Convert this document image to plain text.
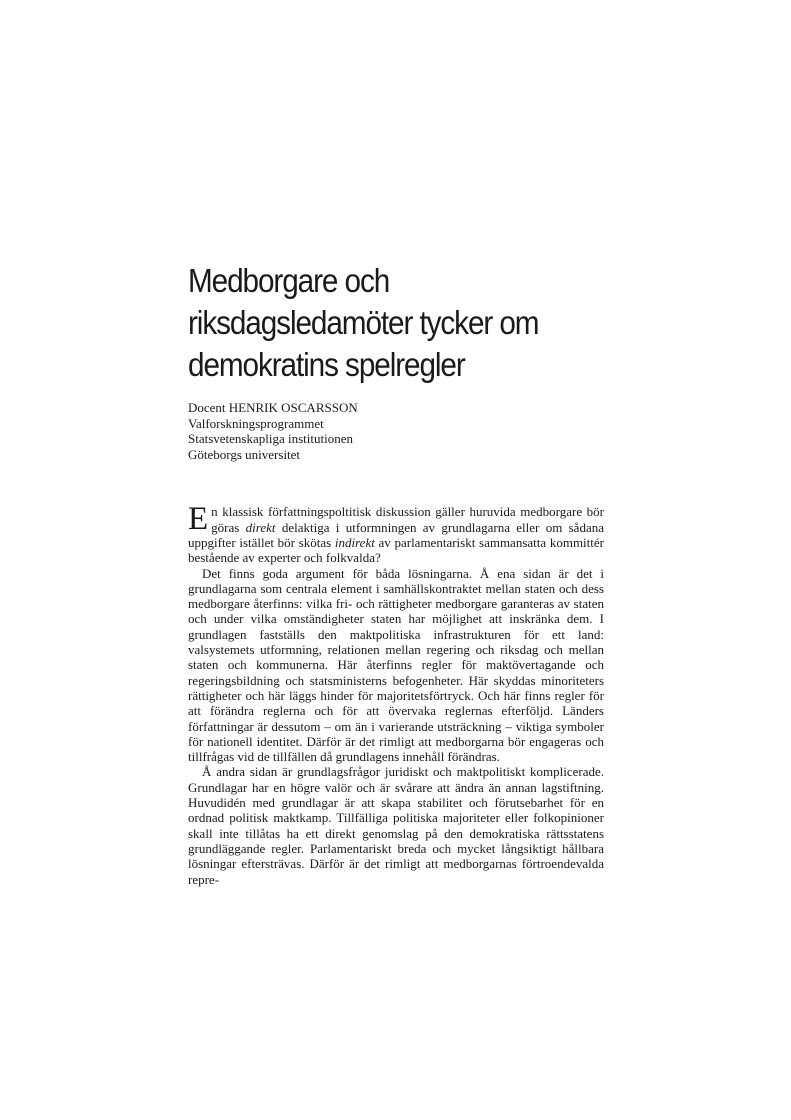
Medborgare och
riksdagsledamöter tycker om
demokratins spelregler
Docent HENRIK OSCARSSON
Valforskningsprogrammet
Statsvetenskapliga institutionen
Göteborgs universitet

En klassisk författningspoltitisk diskussion gäller huruvida medborgare bör göras direkt delaktiga i utformningen av grundlagarna eller om sådana uppgifter istället bör skötas indirekt av parlamentariskt sammansatta kommittér bestående av experter och folkvalda?

Det finns goda argument för båda lösningarna. Å ena sidan är det i grundlagarna som centrala element i samhällskontraktet mellan staten och dess medborgare återfinns: vilka fri- och rättigheter medborgare garanteras av staten och under vilka omständigheter staten har möjlighet att inskränka dem. I grundlagen fastställs den maktpolitiska infrastrukturen för ett land: valsystemets utformning, relationen mellan regering och riksdag och mellan staten och kommunerna. Här återfinns regler för maktövertagande och regeringsbildning och statsministerns befogenheter. Här skyddas minoriteters rättigheter och här läggs hinder för majoritetsförtryck. Och här finns regler för att förändra reglerna och för att övervaka reglernas efterföljd. Länders författningar är dessutom – om än i varierande utsträckning – viktiga symboler för nationell identitet. Därför är det rimligt att medborgarna bör engageras och tillfrågas vid de tillfällen då grundlagens innehåll förändras.

Å andra sidan är grundlagsfrågor juridiskt och maktpolitiskt komplicerade. Grundlagar har en högre valör och är svårare att ändra än annan lagstiftning. Huvudidén med grundlagar är att skapa stabilitet och förutsebarhet för en ordnad politisk maktkamp. Tillfälliga politiska majoriteter eller folkopinioner skall inte tillåtas ha ett direkt genomslag på den demokratiska rättsstatens grundläggande regler. Parlamentariskt breda och mycket långsiktigt hållbara lösningar eftersträvas. Därför är det rimligt att medborgarnas förtroendevalda repre-
